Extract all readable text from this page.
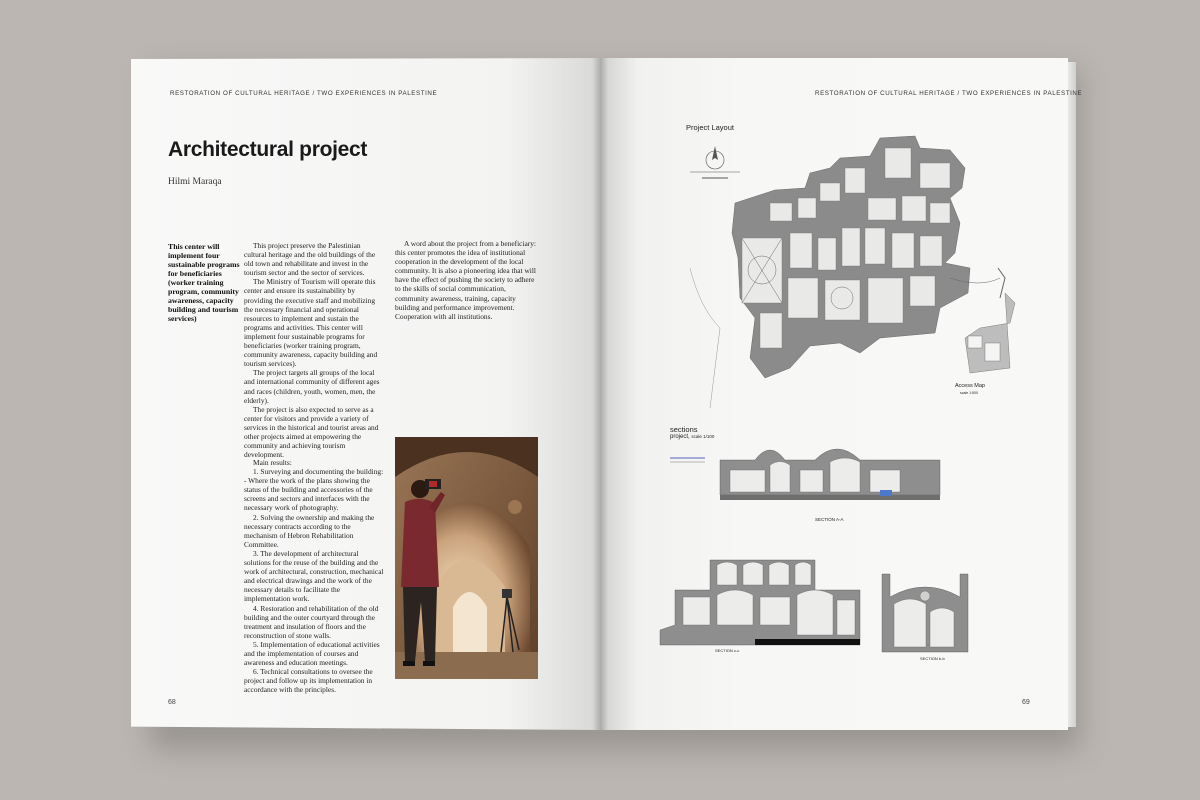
RESTORATION OF CULTURAL HERITAGE / TWO EXPERIENCES IN PALESTINE
Architectural project
Hilmi Maraqa
This center will implement four sustainable programs for beneficiaries (worker training program, community awareness, capacity building and tourism services)

This project preserve the Palestinian cultural heritage and the old buildings of the old town and rehabilitate and invest in the tourism sector and the sector of services.

The Ministry of Tourism will operate this center and ensure its sustainability by providing the executive staff and mobilizing the necessary financial and operational resources to implement and sustain the programs and activities. This center will implement four sustainable programs for beneficiaries (worker training program, community awareness, capacity building and tourism services).

The project targets all groups of the local and international community of different ages and races (children, youth, women, men, the elderly).

The project is also expected to serve as a center for visitors and provide a variety of services in the historical and tourist areas and other projects aimed at empowering the community and achieving tourism development.

Main results:

1. Surveying and documenting the building: - Where the work of the plans showing the status of the building and accessories of the screens and sectors and interfaces with the necessary work of photography.

2. Solving the ownership and making the necessary contracts according to the mechanism of Hebron Rehabilitation Committee.

3. The development of architectural solutions for the reuse of the building and the work of architectural, construction, mechanical and electrical drawings and the work of the necessary details to facilitate the implementation work.

4. Restoration and rehabilitation of the old building and the outer courtyard through the treatment and insulation of floors and the reconstruction of stone walls.

5. Implementation of educational activities and the implementation of courses and awareness and education meetings.

6. Technical consultations to oversee the project and follow up its implementation in accordance with the principles.

A word about the project from a beneficiary: this center promotes the idea of institutional cooperation in the development of the local community. It is also a pioneering idea that will have the effect of pushing the society to adhere to the skills of social communication, community awareness, training, capacity building and performance improvement. Cooperation with all institutions.

68
RESTORATION OF CULTURAL HERITAGE / TWO EXPERIENCES IN PALESTINE
Project Layout
Access Map
scale 1:500
sections
project, scale 1/100
SECTION A-A
SECTION c-c
SECTION b-b
69
